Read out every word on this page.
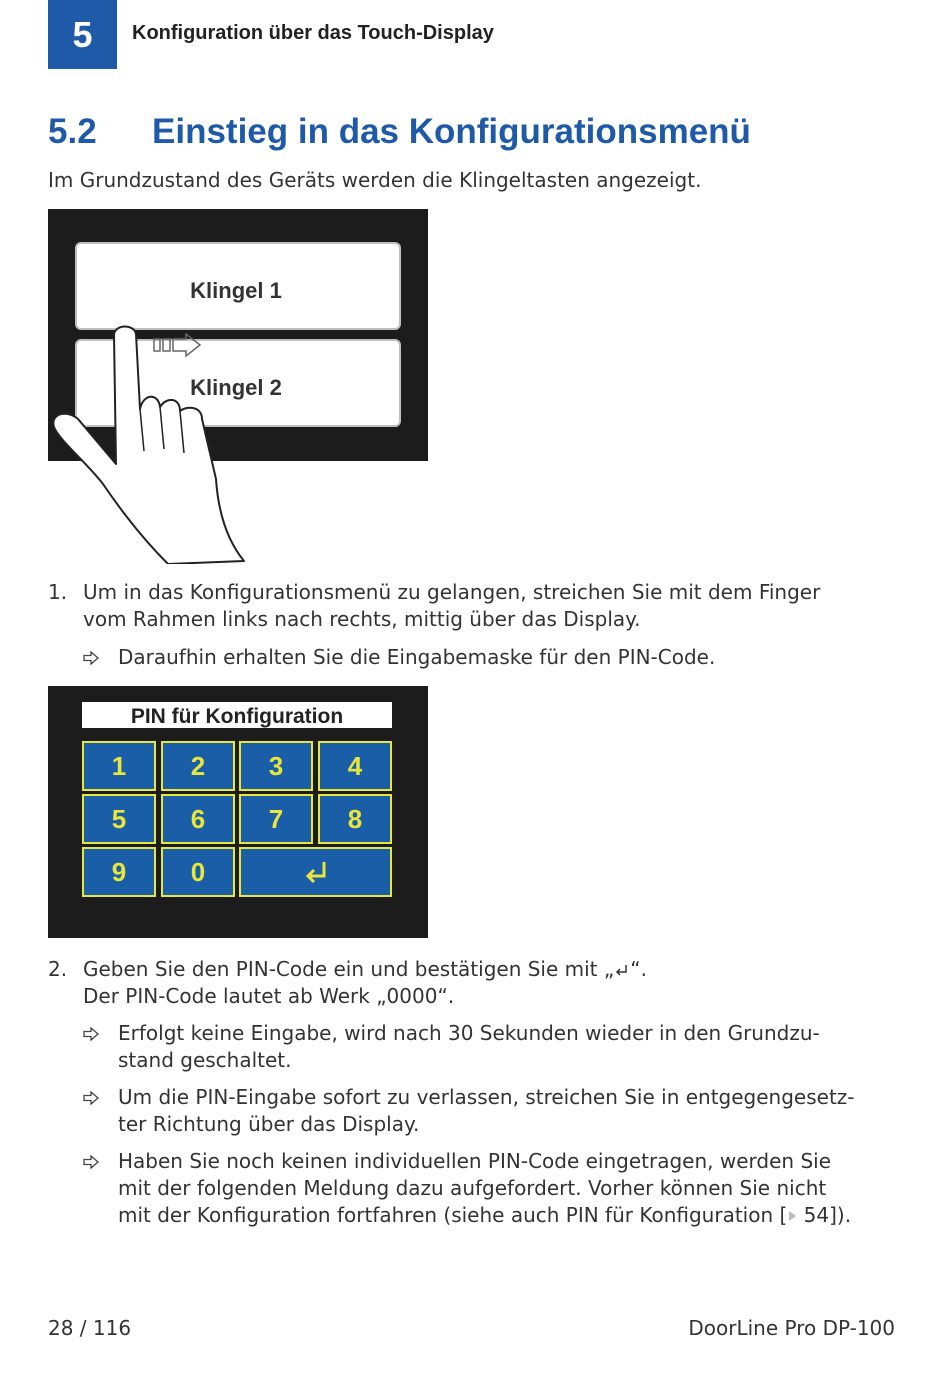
5	Konfiguration über das Touch-Display
5.2	Einstieg in das Konfigurationsmenü
Im Grundzustand des Geräts werden die Klingeltasten angezeigt.
Klingel 1
Klingel 2
1. Um in das Konfigurationsmenü zu gelangen, streichen Sie mit dem Finger
vom Rahmen links nach rechts, mittig über das Display.
Daraufhin erhalten Sie die Eingabemaske für den PIN-Code.
PIN für Konfiguration
1 2 3 4
5 6 7 8
9 0
2. Geben Sie den PIN-Code ein und bestätigen Sie mit „ “.
Der PIN-Code lautet ab Werk „0000“.
Erfolgt keine Eingabe, wird nach 30 Sekunden wieder in den Grundzu-
stand geschaltet.
Um die PIN-Eingabe sofort zu verlassen, streichen Sie in entgegengesetz-
ter Richtung über das Display.
Haben Sie noch keinen individuellen PIN-Code eingetragen, werden Sie
mit der folgenden Meldung dazu aufgefordert. Vorher können Sie nicht
mit der Konfiguration fortfahren (siehe auch PIN für Konfiguration [ 54]).
28 / 116	DoorLine Pro DP-100
